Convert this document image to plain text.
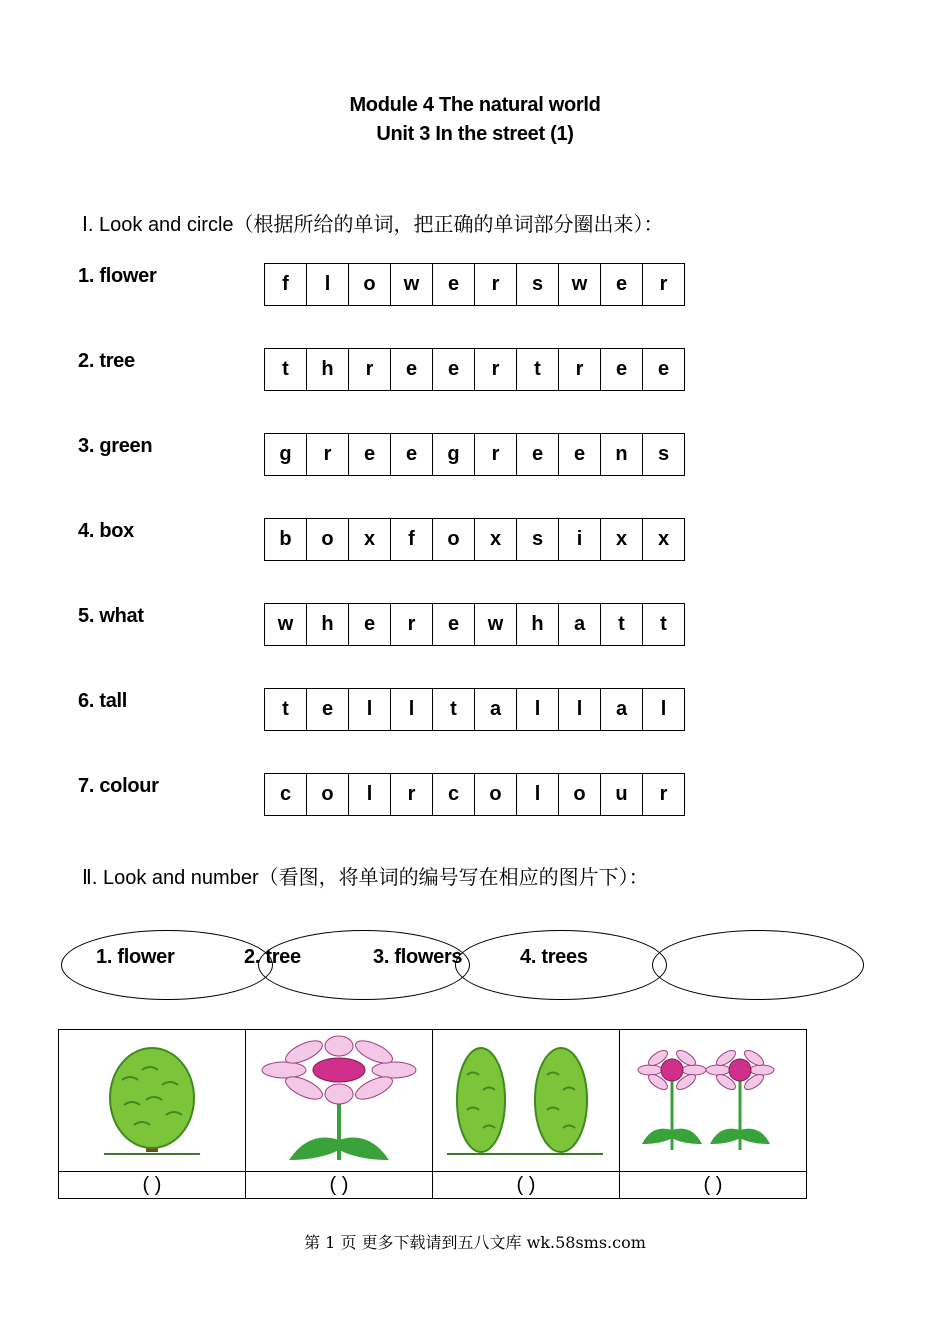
Module 4 The natural world
Unit 3 In the street (1)
Ⅰ. Look and circle（根据所给的单词，把正确的单词部分圈出来）：
1. flower	f	l	o	w	e	r	s	w	e	r
2. tree	t	h	r	e	e	r	t	r	e	e
3. green	g	r	e	e	g	r	e	e	n	s
4. box	b	o	x	f	o	x	s	i	x	x
5. what	w	h	e	r	e	w	h	a	t	t
6. tall	t	e	l	l	t	a	l	l	a	l
7. colour	c	o	l	r	c	o	l	o	u	r
Ⅱ. Look and number（看图，将单词的编号写在相应的图片下）：
1. flower	2. tree	3. flowers	4. trees

( )	( )	( )	( )
第 1 页 更多下载请到五八文库 wk.58sms.com
